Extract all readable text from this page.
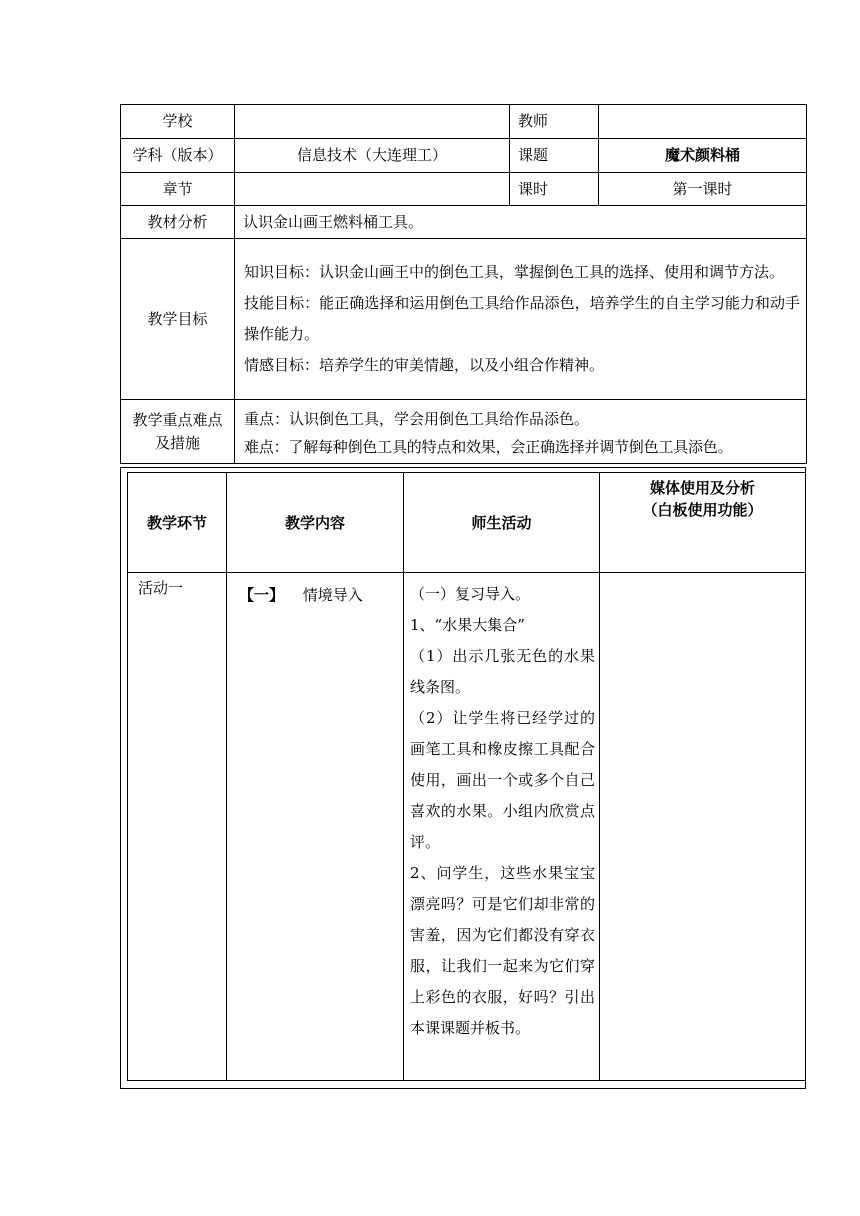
学校		教师	
学科（版本）	信息技术（大连理工）	课题	魔术颜料桶
章节		课时	第一课时
教材分析	认识金山画王燃料桶工具。		
教学目标	知识目标：认识金山画王中的倒色工具，掌握倒色工具的选择、使用和调节方法。

技能目标：能正确选择和运用倒色工具给作品添色，培养学生的自主学习能力和动手操作能力。

情感目标：培养学生的审美情趣，以及小组合作精神。		

教学重点难点及措施	重点：认识倒色工具，学会用倒色工具给作品添色。

难点：了解每种倒色工具的特点和效果，会正确选择并调节倒色工具添色。		

教学环节	教学内容	师生活动	媒体使用及分析
（白板使用功能）

活动一	【一】 情境导入	（一）复习导入。

1、“水果大集合”

（1）出示几张无色的水果线条图。

（2）让学生将已经学过的画笔工具和橡皮擦工具配合使用，画出一个或多个自己喜欢的水果。小组内欣赏点评。

2、问学生，这些水果宝宝漂亮吗？可是它们却非常的害羞，因为它们都没有穿衣服，让我们一起来为它们穿上彩色的衣服，好吗？引出本课课题并板书。	
